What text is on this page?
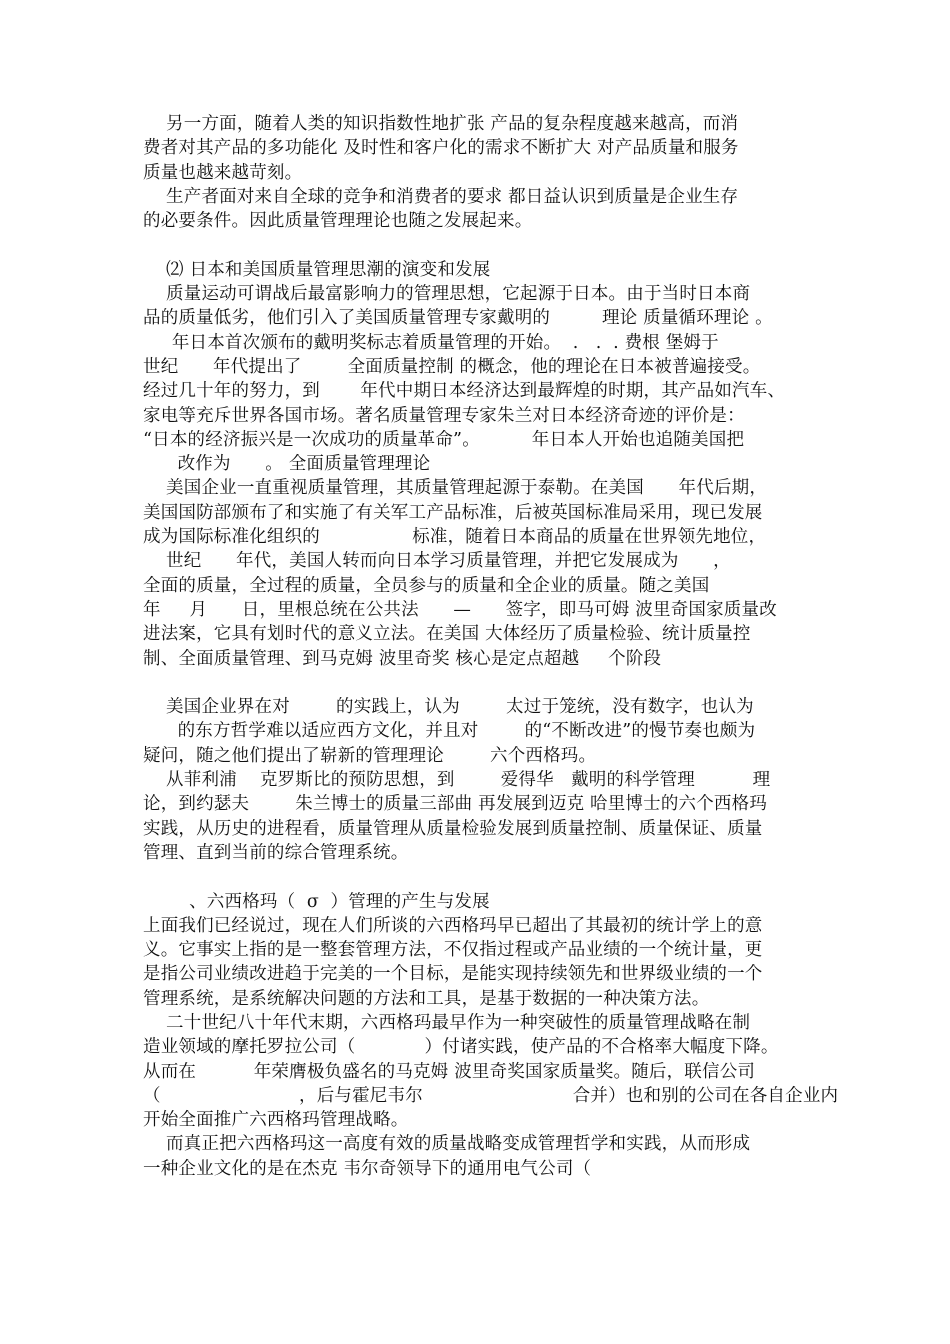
另一方面，随着人类的知识指数性地扩张 产品的复杂程度越来越高，而消
费者对其产品的多功能化 及时性和客户化的需求不断扩大 对产品质量和服务
质量也越来越苛刻。
生产者面对来自全球的竞争和消费者的要求 都日益认识到质量是企业生存
的必要条件。因此质量管理理论也随之发展起来。
⑵ 日本和美国质量管理思潮的演变和发展
质量运动可谓战后最富影响力的管理思想，它起源于日本。由于当时日本商
品的质量低劣，他们引入了美国质量管理专家戴明的         理论 质量循环理论 。
年日本首次颁布的戴明奖标志着质量管理的开始。  .   .  . 费根 堡姆于
世纪      年代提出了        全面质量控制 的概念，他的理论在日本被普遍接受。
经过几十年的努力，到       年代中期日本经济达到最辉煌的时期，其产品如汽车、
家电等充斥世界各国市场。著名质量管理专家朱兰对日本经济奇迹的评价是：
“日本的经济振兴是一次成功的质量革命”。         年日本人开始也追随美国把
改作为      。 全面质量管理理论
美国企业一直重视质量管理，其质量管理起源于泰勒。在美国      年代后期，
美国国防部颁布了和实施了有关军工产品标准，后被英国标准局采用，现已发展
成为国际标准化组织的                标准，随着日本商品的质量在世界领先地位，
世纪      年代，美国人转而向日本学习质量管理，并把它发展成为      ，
全面的质量，全过程的质量，全员参与的质量和全企业的质量。随之美国
年     月      日，里根总统在公共法      —      签字，即马可姆 波里奇国家质量改
进法案，它具有划时代的意义立法。在美国 大体经历了质量检验、统计质量控
制、全面质量管理、到马克姆 波里奇奖 核心是定点超越     个阶段
美国企业界在对        的实践上，认为        太过于笼统，没有数字，也认为
的东方哲学难以适应西方文化，并且对        的“不断改进”的慢节奏也颇为
疑问，随之他们提出了崭新的管理理论        六个西格玛。
从菲利浦    克罗斯比的预防思想，到        爱得华   戴明的科学管理          理
论，到约瑟夫        朱兰博士的质量三部曲 再发展到迈克 哈里博士的六个西格玛
实践，从历史的进程看，质量管理从质量检验发展到质量控制、质量保证、质量
管理、直到当前的综合管理系统。
、六西格玛（  σ  ）管理的产生与发展
上面我们已经说过，现在人们所谈的六西格玛早已超出了其最初的统计学上的意
义。它事实上指的是一整套管理方法，不仅指过程或产品业绩的一个统计量，更
是指公司业绩改进趋于完美的一个目标，是能实现持续领先和世界级业绩的一个
管理系统，是系统解决问题的方法和工具，是基于数据的一种决策方法。
二十世纪八十年代末期，六西格玛最早作为一种突破性的质量管理战略在制
造业领域的摩托罗拉公司（            ）付诸实践，使产品的不合格率大幅度下降。
从而在          年荣膺极负盛名的马克姆 波里奇奖国家质量奖。随后，联信公司
（                        ，后与霍尼韦尔                          合并）也和别的公司在各自企业内
开始全面推广六西格玛管理战略。
而真正把六西格玛这一高度有效的质量战略变成管理哲学和实践，从而形成
一种企业文化的是在杰克 韦尔奇领导下的通用电气公司（
